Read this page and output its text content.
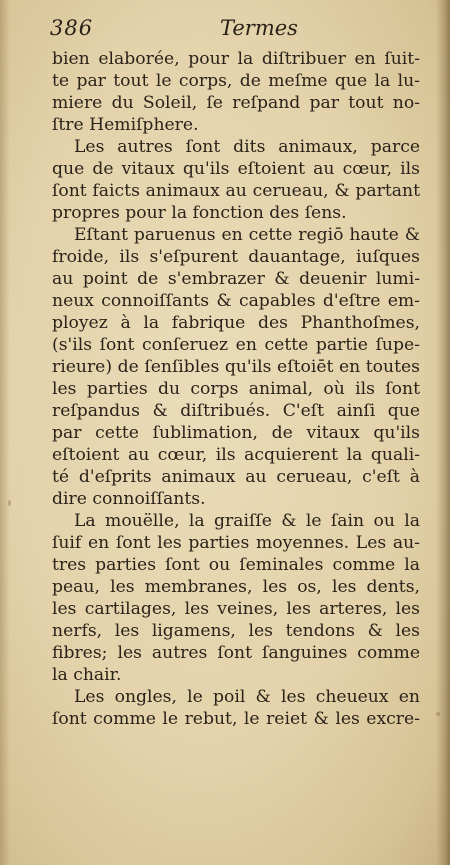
386	Termes
bien elaborée, pour la diſtribuer en ſuit-
te par tout le corps, de meſme que la lu-
miere du Soleil, ſe reſpand par tout no-
ſtre Hemiſphere.
Les autres ſont dits animaux, parce
que de vitaux qu'ils eſtoient au cœur, ils
ſont faicts animaux au cerueau, & partant
propres pour la fonction des ſens.
Eſtant paruenus en cette regiō haute &
froide, ils s'eſpurent dauantage, iuſques
au point de s'embrazer & deuenir lumi-
neux connoiſſants & capables d'eſtre em-
ployez à la fabrique des Phanthoſmes,
(s'ils ſont conſeruez en cette partie ſupe-
rieure) de ſenſibles qu'ils eſtoiēt en toutes
les parties du corps animal, où ils ſont
reſpandus & diſtribués. C'eſt ainſi que
par cette ſublimation, de vitaux qu'ils
eſtoient au cœur, ils acquierent la quali-
té d'eſprits animaux au cerueau, c'eſt à
dire connoiſſants.
La mouëlle, la graiſſe & le ſain ou la
ſuif en ſont les parties moyennes. Les au-
tres parties ſont ou ſeminales comme la
peau, les membranes, les os, les dents,
les cartilages, les veines, les arteres, les
nerfs, les ligamens, les tendons & les
fibres; les autres ſont ſanguines comme
la chair.
Les ongles, le poil & les cheueux en
ſont comme le rebut, le reiet & les excre-
